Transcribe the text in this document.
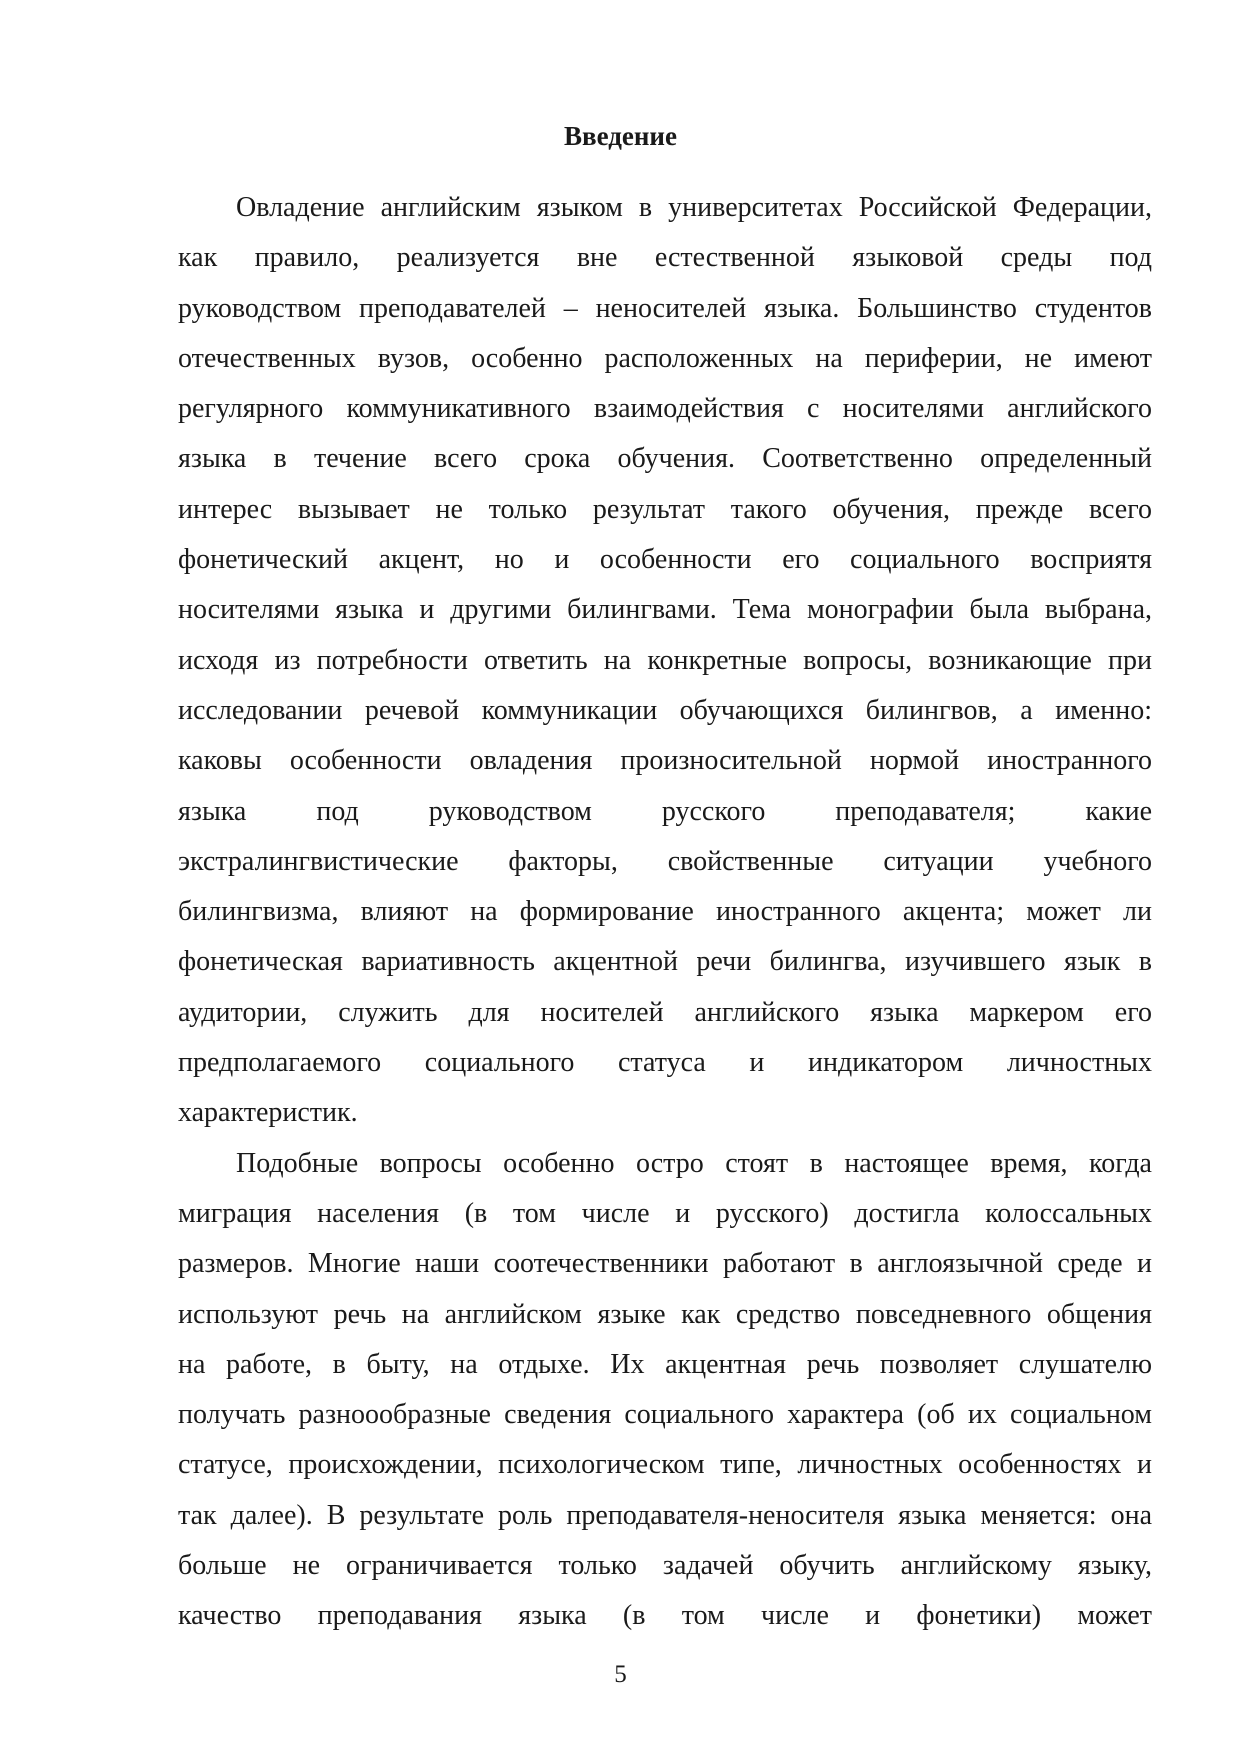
Введение

Овладение английским языком в университетах Российской Федерации,
как правило, реализуется вне естественной языковой среды под
руководством преподавателей – неносителей языка. Большинство студентов
отечественных вузов, особенно расположенных на периферии, не имеют
регулярного коммуникативного взаимодействия с носителями английского
языка в течение всего срока обучения. Соответственно определенный
интерес вызывает не только результат такого обучения, прежде всего
фонетический акцент, но и особенности его социального восприятя
носителями языка и другими билингвами. Тема монографии была выбрана,
исходя из потребности ответить на конкретные вопросы, возникающие при
исследовании речевой коммуникации обучающихся билингвов, а именно:
каковы особенности овладения произносительной нормой иностранного
языка под руководством русского преподавателя; какие
экстралингвистические факторы, свойственные ситуации учебного
билингвизма, влияют на формирование иностранного акцента; может ли
фонетическая вариативность акцентной речи билингва, изучившего язык в
аудитории, служить для носителей английского языка маркером его
предполагаемого социального статуса и индикатором личностных
характеристик.

Подобные вопросы особенно остро стоят в настоящее время, когда
миграция населения (в том числе и русского) достигла колоссальных
размеров. Многие наши соотечественники работают в англоязычной среде и
используют речь на английском языке как средство повседневного общения
на работе, в быту, на отдыхе. Их акцентная речь позволяет слушателю
получать разноообразные сведения социального характера (об их социальном
статусе, происхождении, психологическом типе, личностных особенностях и
так далее). В результате роль преподавателя-неносителя языка меняется: она
больше не ограничивается только задачей обучить английскому языку,
качество преподавания языка (в том числе и фонетики) может

5
